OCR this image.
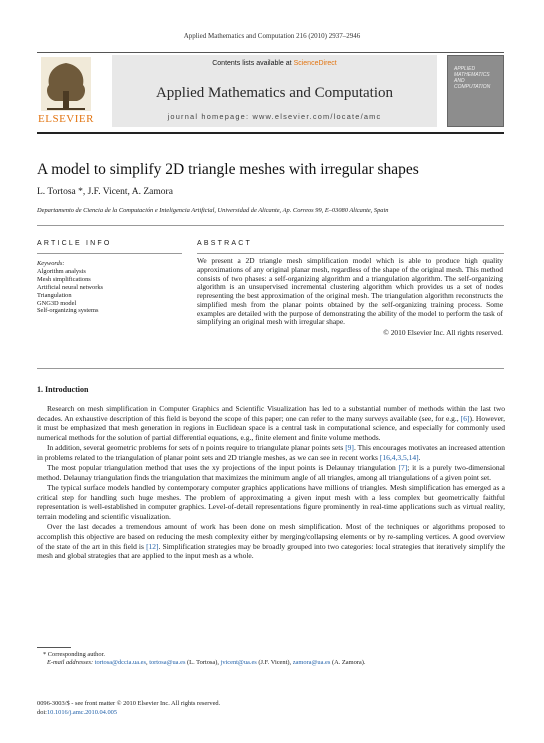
Applied Mathematics and Computation 216 (2010) 2937–2946
ELSEVIER
Contents lists available at ScienceDirect
Applied Mathematics and Computation
journal homepage: www.elsevier.com/locate/amc
APPLIED
MATHEMATICS
AND
COMPUTATION
A model to simplify 2D triangle meshes with irregular shapes
L. Tortosa *, J.F. Vicent, A. Zamora
Departamento de Ciencia de la Computación e Inteligencia Artificial, Universidad de Alicante, Ap. Correos 99, E–03080 Alicante, Spain
ARTICLE INFO
Keywords:
Algorithm analysis
Mesh simplifications
Artificial neural networks
Triangulation
GNG3D model
Self-organizing systems
ABSTRACT
We present a 2D triangle mesh simplification model which is able to produce high quality approximations of any original planar mesh, regardless of the shape of the original mesh. This method consists of two phases: a self-organizing algorithm and a triangulation algorithm. The self-organizing algorithm is an unsupervised incremental clustering algorithm which provides us a set of nodes representing the best approximation of the original mesh. The triangulation algorithm reconstructs the simplified mesh from the planar points obtained by the self-organizing training process. Some examples are detailed with the purpose of demonstrating the ability of the model to perform the task of simplifying an original mesh with irregular shape.
© 2010 Elsevier Inc. All rights reserved.
1. Introduction

Research on mesh simplification in Computer Graphics and Scientific Visualization has led to a substantial number of methods within the last two decades. An exhaustive description of this field is beyond the scope of this paper; one can refer to the many surveys available (see, for e.g., [6]). However, it must be emphasized that mesh generation in regions in Euclidean space is a central task in computational science, and especially for commonly used numerical methods for the solution of partial differential equations, e.g., finite element and finite volume methods.

In addition, several geometric problems for sets of n points require to triangulate planar points sets [9]. This encourages motivates an increased attention in problems related to the triangulation of planar point sets and 2D triangle meshes, as we can see in recent works [16,4,3,5,14].

The most popular triangulation method that uses the xy projections of the input points is Delaunay triangulation [7]; it is a purely two-dimensional method. Delaunay triangulation finds the triangulation that maximizes the minimum angle of all triangles, among all triangulations of a given point set.

The typical surface models handled by contemporary computer graphics applications have millions of triangles. Mesh simplification has emerged as a critical step for handling such huge meshes. The problem of approximating a given input mesh with a less complex but geometrically faithful representation is well-established in computer graphics. Level-of-detail representations figure prominently in real-time applications such as virtual reality, terrain modeling and scientific visualization.

Over the last decades a tremendous amount of work has been done on mesh simplification. Most of the techniques or algorithms proposed to accomplish this objective are based on reducing the mesh complexity either by merging/collapsing elements or by re-sampling vertices. A good overview of the state of the art in this field is [12]. Simplification strategies may be broadly grouped into two categories: local strategies that iteratively simplify the mesh and global strategies that are applied to the input mesh as a whole.

* Corresponding author.
E-mail addresses: tortosa@dccia.ua.es, tortosa@ua.es (L. Tortosa), jvicent@ua.es (J.F. Vicent), zamora@ua.es (A. Zamora).
0096-3003/$ - see front matter © 2010 Elsevier Inc. All rights reserved.
doi:10.1016/j.amc.2010.04.005
